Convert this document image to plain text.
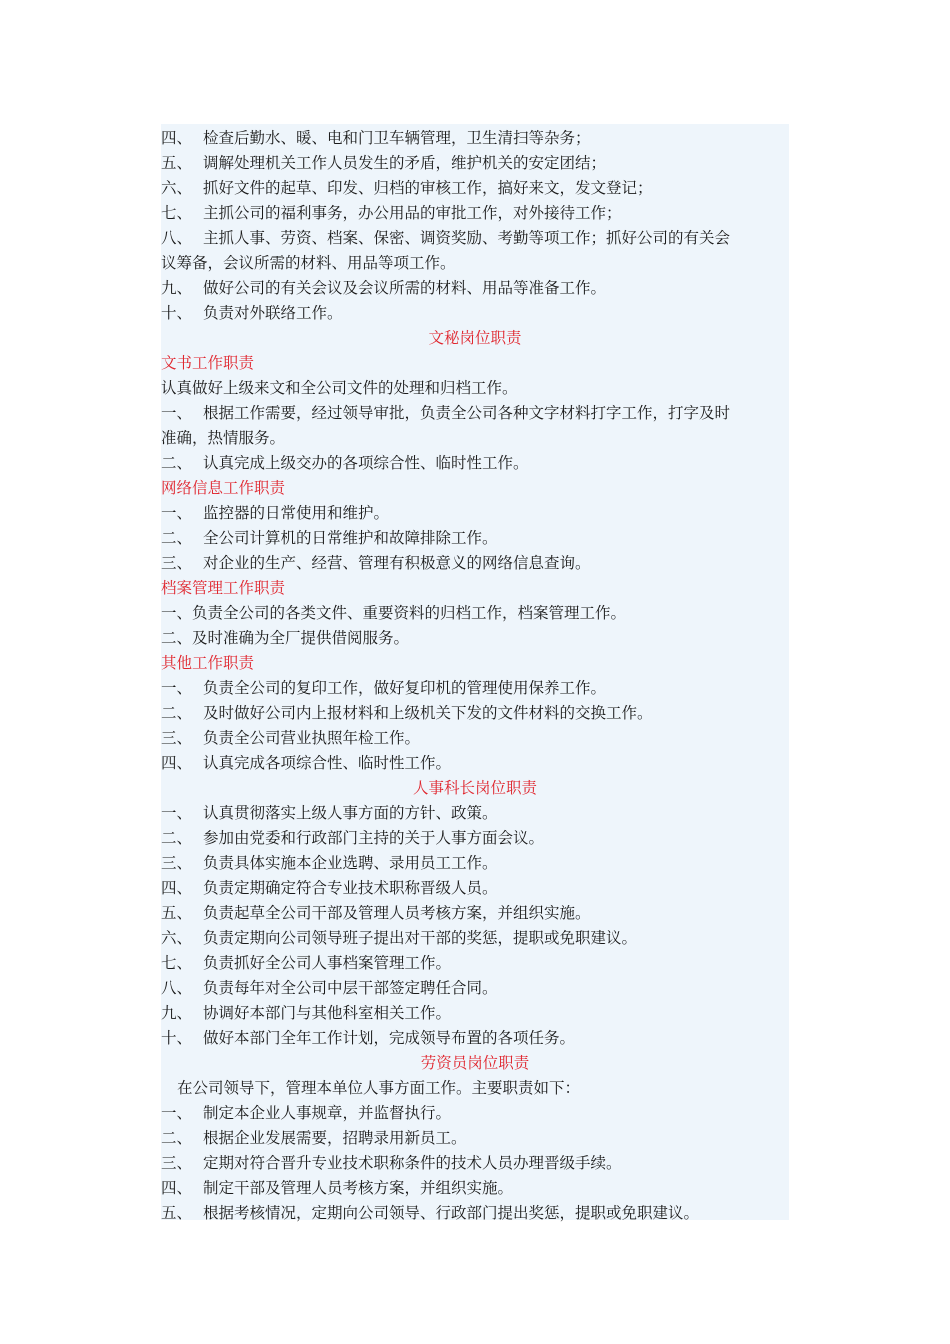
四、 检查后勤水、暖、电和门卫车辆管理，卫生清扫等杂务；
五、 调解处理机关工作人员发生的矛盾，维护机关的安定团结；
六、 抓好文件的起草、印发、归档的审核工作，搞好来文，发文登记；
七、 主抓公司的福利事务，办公用品的审批工作，对外接待工作；
八、 主抓人事、劳资、档案、保密、调资奖励、考勤等项工作；抓好公司的有关会
议筹备，会议所需的材料、用品等项工作。
九、 做好公司的有关会议及会议所需的材料、用品等准备工作。
十、 负责对外联络工作。
文秘岗位职责
文书工作职责
认真做好上级来文和全公司文件的处理和归档工作。
一、 根据工作需要，经过领导审批，负责全公司各种文字材料打字工作，打字及时
准确，热情服务。
二、 认真完成上级交办的各项综合性、临时性工作。
网络信息工作职责
一、 监控器的日常使用和维护。
二、 全公司计算机的日常维护和故障排除工作。
三、 对企业的生产、经营、管理有积极意义的网络信息查询。
档案管理工作职责
一、负责全公司的各类文件、重要资料的归档工作，档案管理工作。
二、及时准确为全厂提供借阅服务。
其他工作职责
一、 负责全公司的复印工作，做好复印机的管理使用保养工作。
二、 及时做好公司内上报材料和上级机关下发的文件材料的交换工作。
三、 负责全公司营业执照年检工作。
四、 认真完成各项综合性、临时性工作。
人事科长岗位职责
一、 认真贯彻落实上级人事方面的方针、政策。
二、 参加由党委和行政部门主持的关于人事方面会议。
三、 负责具体实施本企业选聘、录用员工工作。
四、 负责定期确定符合专业技术职称晋级人员。
五、 负责起草全公司干部及管理人员考核方案，并组织实施。
六、 负责定期向公司领导班子提出对干部的奖惩，提职或免职建议。
七、 负责抓好全公司人事档案管理工作。
八、 负责每年对全公司中层干部签定聘任合同。
九、 协调好本部门与其他科室相关工作。
十、 做好本部门全年工作计划，完成领导布置的各项任务。
劳资员岗位职责
在公司领导下，管理本单位人事方面工作。主要职责如下：
一、 制定本企业人事规章，并监督执行。
二、 根据企业发展需要，招聘录用新员工。
三、 定期对符合晋升专业技术职称条件的技术人员办理晋级手续。
四、 制定干部及管理人员考核方案，并组织实施。
五、 根据考核情况，定期向公司领导、行政部门提出奖惩，提职或免职建议。
